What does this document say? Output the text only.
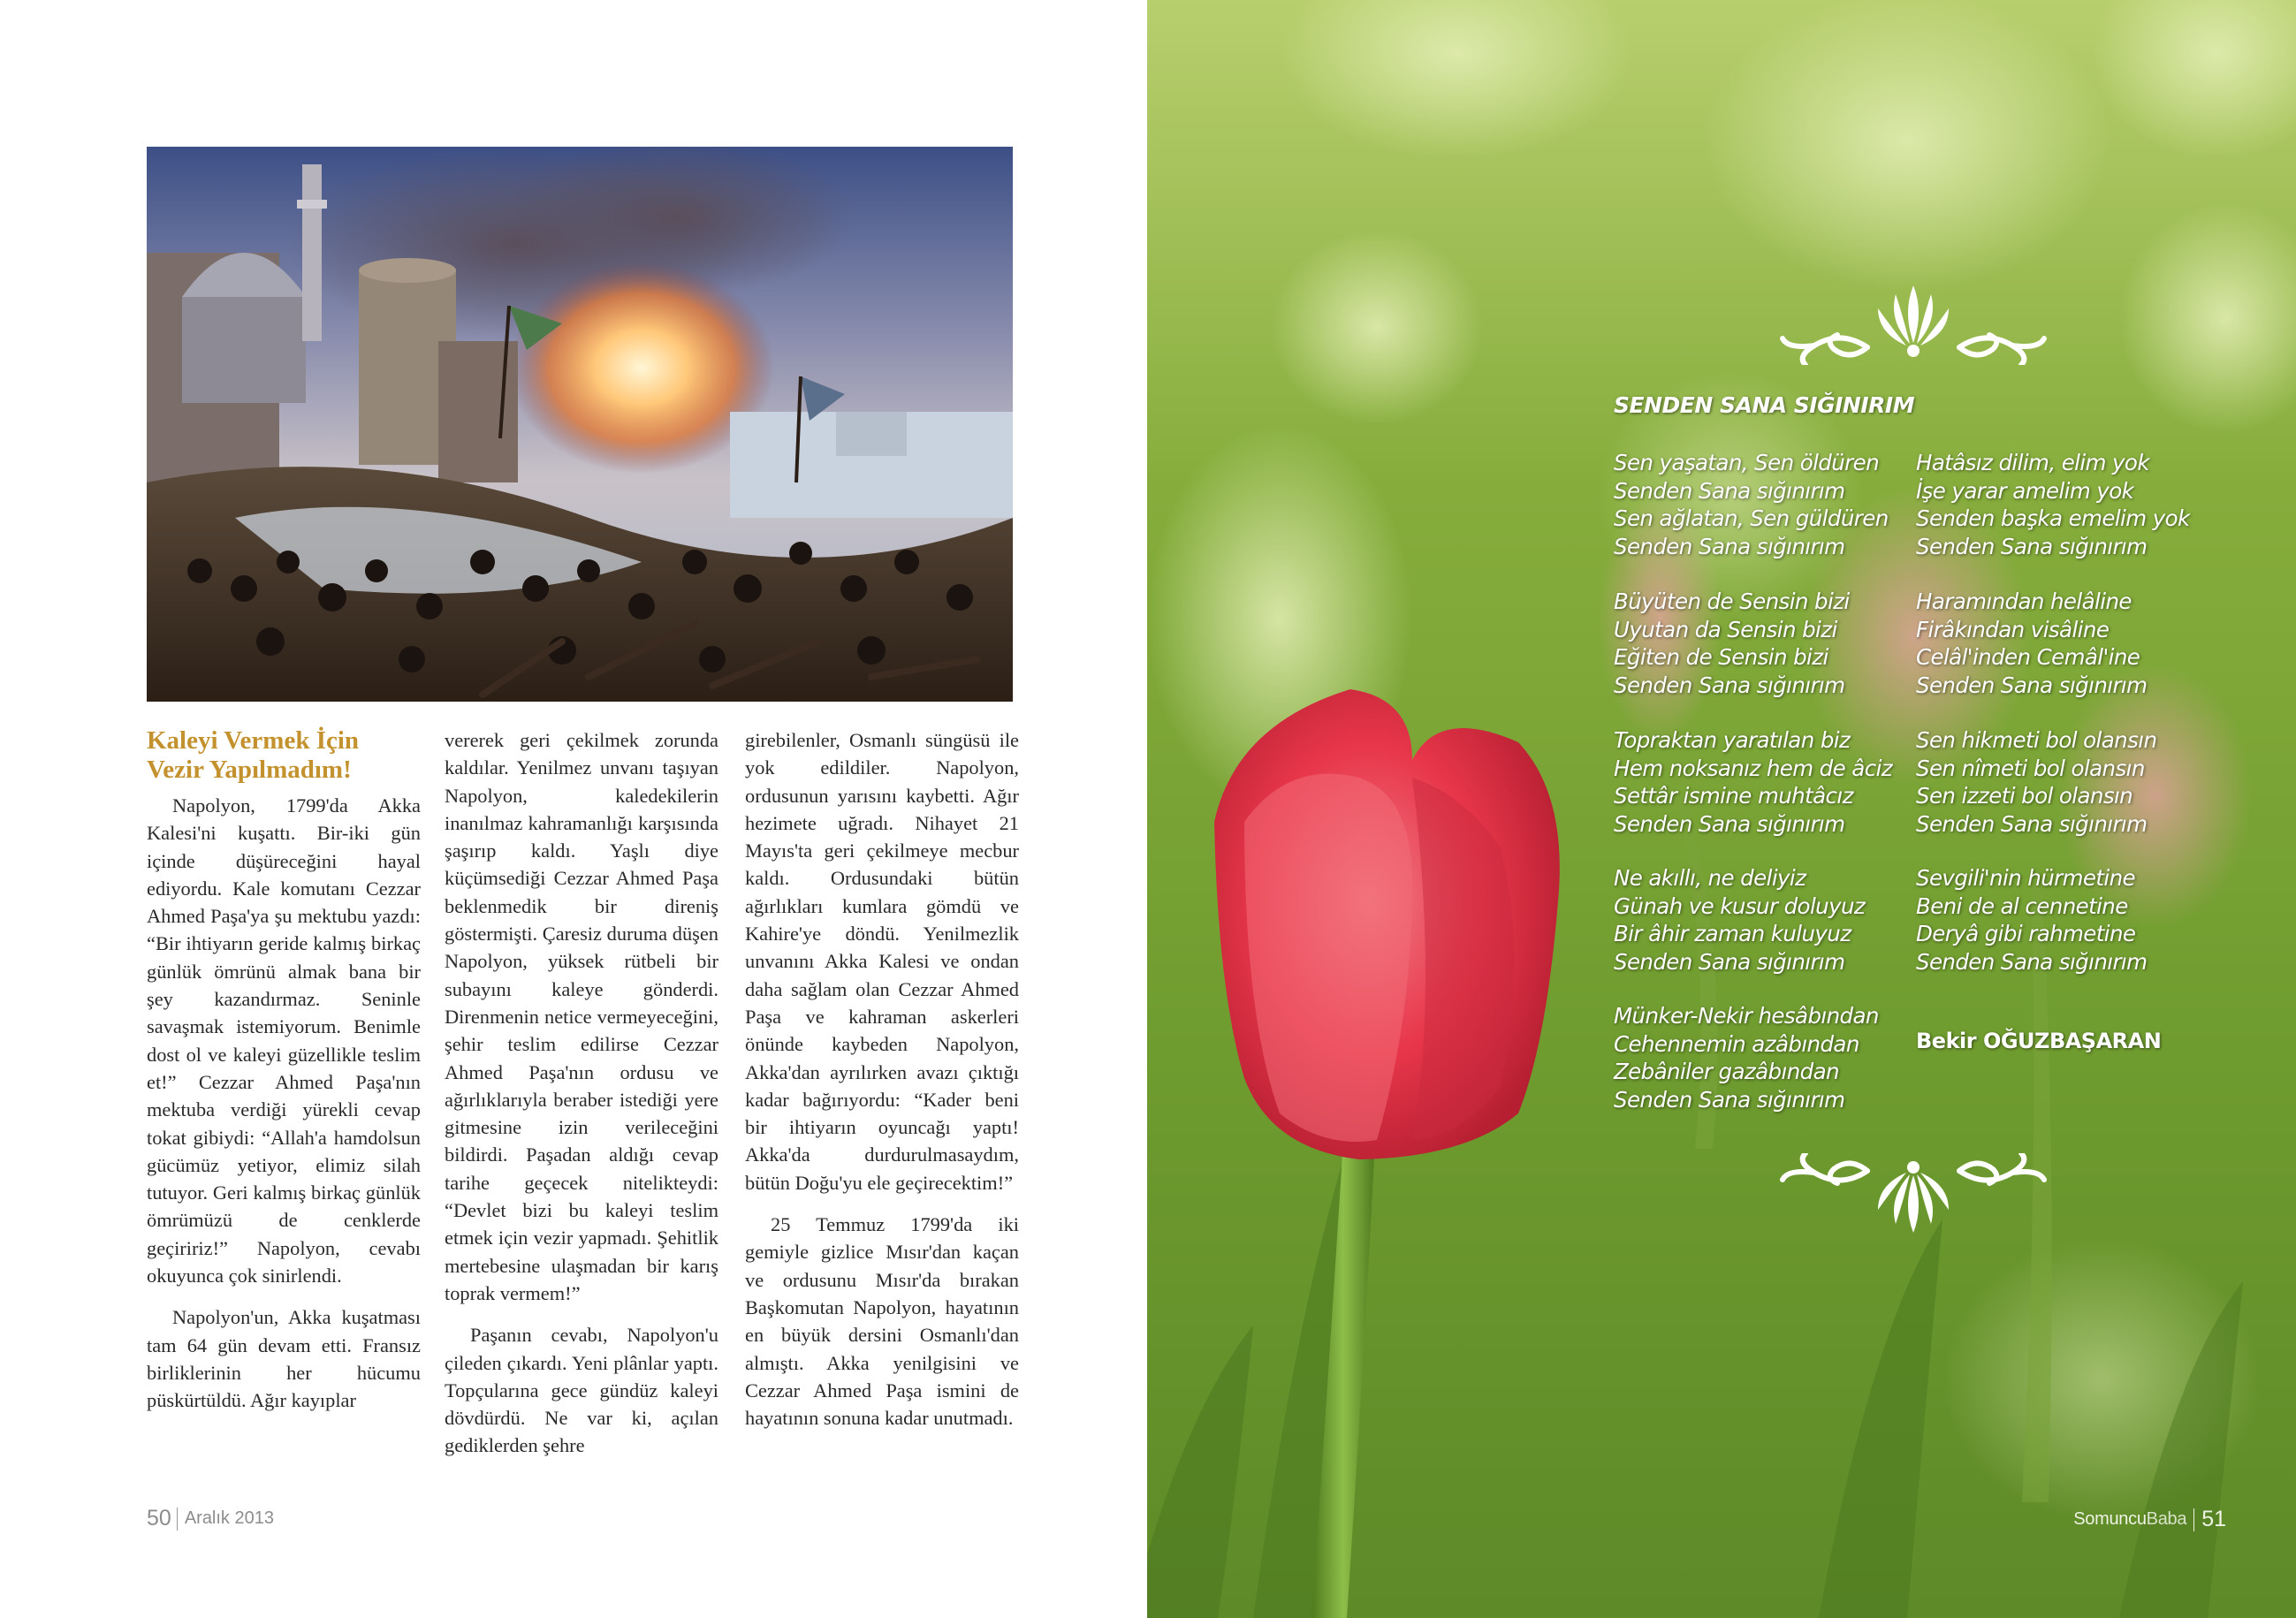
Kaleyi Vermek İçin
Vezir Yapılmadım!

Napolyon, 1799'da Akka Kalesi'ni kuşattı. Bir-iki gün içinde düşüreceğini hayal ediyordu. Kale komutanı Cezzar Ahmed Paşa'ya şu mektubu yazdı: “Bir ihtiyarın geride kalmış birkaç günlük ömrünü almak bana bir şey kazandırmaz. Seninle savaşmak istemiyorum. Benimle dost ol ve kaleyi güzellikle teslim et!” Cezzar Ahmed Paşa'nın mektuba verdiği yürekli cevap tokat gibiydi: “Allah'a hamdolsun gücümüz yetiyor, elimiz silah tutuyor. Geri kalmış birkaç günlük ömrümüzü de cenklerde geçiririz!” Napolyon, cevabı okuyunca çok sinirlendi.

Napolyon'un, Akka kuşatması tam 64 gün devam etti. Fransız birliklerinin her hücumu püskürtüldü. Ağır kayıplar

vererek geri çekilmek zorunda kaldılar. Yenilmez unvanı taşıyan Napolyon, kaledekilerin inanılmaz kahramanlığı karşısında şaşırıp kaldı. Yaşlı diye küçümsediği Cezzar Ahmed Paşa beklenmedik bir direniş göstermişti. Çaresiz duruma düşen Napolyon, yüksek rütbeli bir subayını kaleye gönderdi. Direnmenin netice vermeyeceğini, şehir teslim edilirse Cezzar Ahmed Paşa'nın ordusu ve ağırlıklarıyla beraber istediği yere gitmesine izin verileceğini bildirdi. Paşadan aldığı cevap tarihe geçecek nitelikteydi: “Devlet bizi bu kaleyi teslim etmek için vezir yapmadı. Şehitlik mertebesine ulaşmadan bir karış toprak vermem!”

Paşanın cevabı, Napolyon'u çileden çıkardı. Yeni plânlar yaptı. Topçularına gece gündüz kaleyi dövdürdü. Ne var ki, açılan gediklerden şehre

girebilenler, Osmanlı süngüsü ile yok edildiler. Napolyon, ordusunun yarısını kaybetti. Ağır hezimete uğradı. Nihayet 21 Mayıs'ta geri çekilmeye mecbur kaldı. Ordusundaki bütün ağırlıkları kumlara gömdü ve Kahire'ye döndü. Yenilmezlik unvanını Akka Kalesi ve ondan daha sağlam olan Cezzar Ahmed Paşa ve kahraman askerleri önünde kaybeden Napolyon, Akka'dan ayrılırken avazı çıktığı kadar bağırıyordu: “Kader beni bir ihtiyarın oyuncağı yaptı! Akka'da durdurulmasaydım, bütün Doğu'yu ele geçirecektim!”

25 Temmuz 1799'da iki gemiyle gizlice Mısır'dan kaçan ve ordusunu Mısır'da bırakan Başkomutan Napolyon, hayatının en büyük dersini Osmanlı'dan almıştı. Akka yenilgisini ve Cezzar Ahmed Paşa ismini de hayatının sonuna kadar unutmadı.

50 Aralık 2013
SENDEN SANA SIĞINIRIM
Sen yaşatan, Sen öldüren
Senden Sana sığınırım
Sen ağlatan, Sen güldüren
Senden Sana sığınırım
Büyüten de Sensin bizi
Uyutan da Sensin bizi
Eğiten de Sensin bizi
Senden Sana sığınırım
Topraktan yaratılan biz
Hem noksanız hem de âciz
Settâr ismine muhtâcız
Senden Sana sığınırım
Ne akıllı, ne deliyiz
Günah ve kusur doluyuz
Bir âhir zaman kuluyuz
Senden Sana sığınırım
Münker-Nekir hesâbından
Cehennemin azâbından
Zebâniler gazâbından
Senden Sana sığınırım
Hatâsız dilim, elim yok
İşe yarar amelim yok
Senden başka emelim yok
Senden Sana sığınırım
Haramından helâline
Firâkından visâline
Celâl'inden Cemâl'ine
Senden Sana sığınırım
Sen hikmeti bol olansın
Sen nîmeti bol olansın
Sen izzeti bol olansın
Senden Sana sığınırım
Sevgili'nin hürmetine
Beni de al cennetine
Deryâ gibi rahmetine
Senden Sana sığınırım
Bekir OĞUZBAŞARAN
SomuncuBaba 51
